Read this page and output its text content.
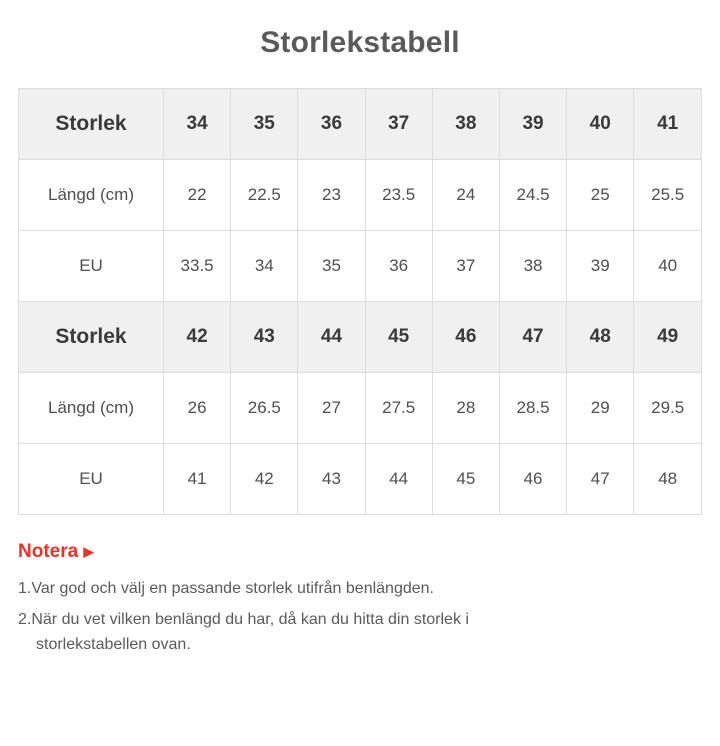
Storlekstabell
Storlek	34	35	36	37	38	39	40	41
Längd (cm)	22	22.5	23	23.5	24	24.5	25	25.5
EU	33.5	34	35	36	37	38	39	40
Storlek	42	43	44	45	46	47	48	49
Längd (cm)	26	26.5	27	27.5	28	28.5	29	29.5
EU	41	42	43	44	45	46	47	48
Notera ▶
1.Var god och välj en passande storlek utifrån benlängden.
2.När du vet vilken benlängd du har, då kan du hitta din storlek i
storlekstabellen ovan.
